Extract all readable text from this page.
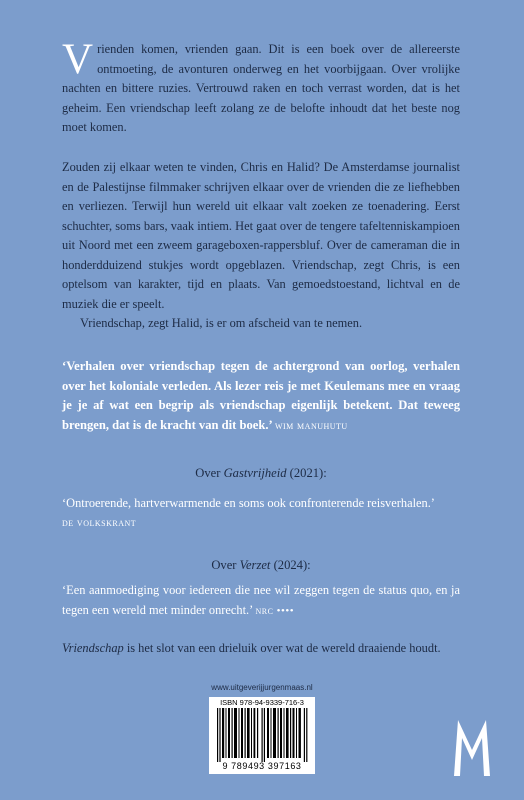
Vrienden komen, vrienden gaan. Dit is een boek over de allereerste ontmoeting, de avonturen onderweg en het voorbijgaan. Over vrolijke nachten en bittere ruzies. Vertrouwd raken en toch verrast worden, dat is het geheim. Een vriendschap leeft zolang ze de belofte inhoudt dat het beste nog moet komen.

Zouden zij elkaar weten te vinden, Chris en Halid? De Amsterdamse journalist en de Palestijnse filmmaker schrijven elkaar over de vrienden die ze liefhebben en verliezen. Terwijl hun wereld uit elkaar valt zoeken ze toenadering. Eerst schuchter, soms bars, vaak intiem. Het gaat over de tengere tafeltenniskampioen uit Noord met een zweem garageboxen-rappersbluf. Over de cameraman die in honderdduizend stukjes wordt opgeblazen. Vriendschap, zegt Chris, is een optelsom van karakter, tijd en plaats. Van gemoedstoestand, lichtval en de muziek die er speelt.

Vriendschap, zegt Halid, is er om afscheid van te nemen.

‘Verhalen over vriendschap tegen de achtergrond van oorlog, verhalen over het koloniale verleden. Als lezer reis je met Keulemans mee en vraag je je af wat een begrip als vriendschap eigenlijk betekent. Dat teweeg brengen, dat is de kracht van dit boek.’ wim manuhutu
Over Gastvrijheid (2021):
‘Ontroerende, hartverwarmende en soms ook confronterende reisverhalen.’
de volkskrant
Over Verzet (2024):
‘Een aanmoediging voor iedereen die nee wil zeggen tegen de status quo, en ja tegen een wereld met minder onrecht.’ nrc ••••
Vriendschap is het slot van een drieluik over wat de wereld draaiende houdt.
www.uitgeverijjurgenmaas.nl
ISBN 978-94-9339-716-3
9 789493 397163
